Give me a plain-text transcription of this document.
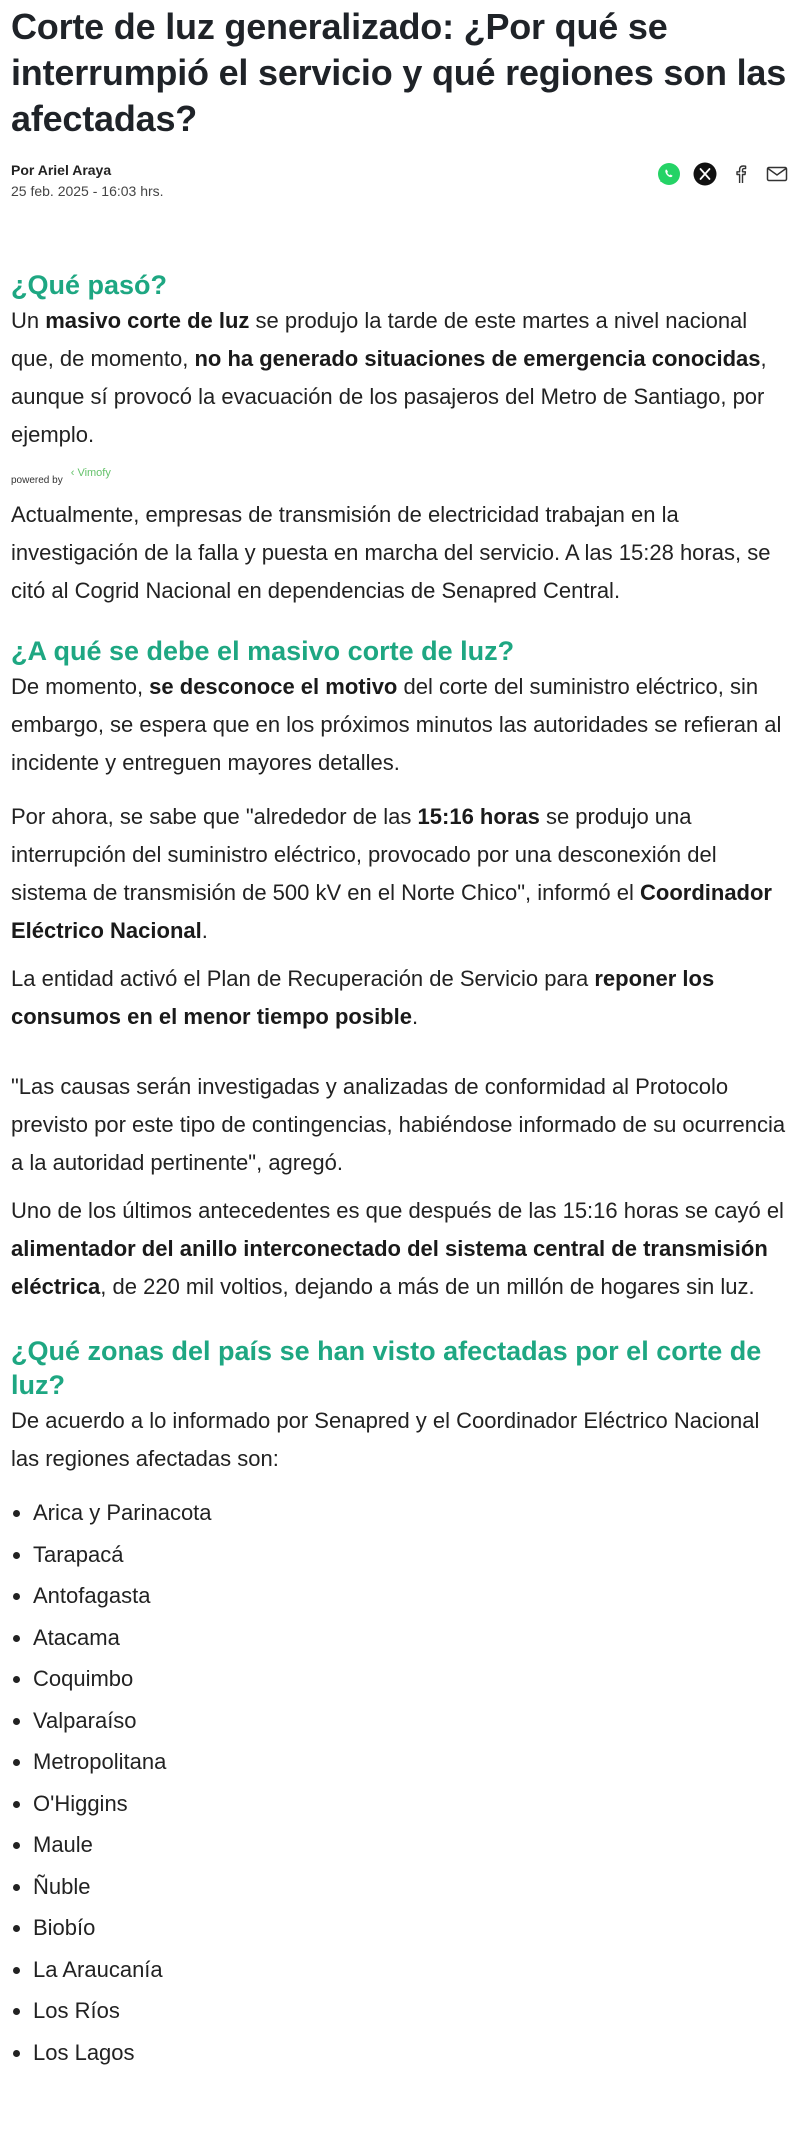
Corte de luz generalizado: ¿Por qué se interrumpió el servicio y qué regiones son las afectadas?
Por Ariel Araya
25 feb. 2025 - 16:03 hrs.
¿Qué pasó?

Un masivo corte de luz se produjo la tarde de este martes a nivel nacional que, de momento, no ha generado situaciones de emergencia conocidas, aunque sí provocó la evacuación de los pasajeros del Metro de Santiago, por ejemplo.

powered by
‹ Vimofy

Actualmente, empresas de transmisión de electricidad trabajan en la investigación de la falla y puesta en marcha del servicio. A las 15:28 horas, se citó al Cogrid Nacional en dependencias de Senapred Central.

¿A qué se debe el masivo corte de luz?

De momento, se desconoce el motivo del corte del suministro eléctrico, sin embargo, se espera que en los próximos minutos las autoridades se refieran al incidente y entreguen mayores detalles.

Por ahora, se sabe que "alrededor de las 15:16 horas se produjo una interrupción del suministro eléctrico, provocado por una desconexión del sistema de transmisión de 500 kV en el Norte Chico", informó el Coordinador Eléctrico Nacional.

La entidad activó el Plan de Recuperación de Servicio para reponer los consumos en el menor tiempo posible.

"Las causas serán investigadas y analizadas de conformidad al Protocolo previsto por este tipo de contingencias, habiéndose informado de su ocurrencia a la autoridad pertinente", agregó.

Uno de los últimos antecedentes es que después de las 15:16 horas se cayó el alimentador del anillo interconectado del sistema central de transmisión eléctrica, de 220 mil voltios, dejando a más de un millón de hogares sin luz.

¿Qué zonas del país se han visto afectadas por el corte de luz?

De acuerdo a lo informado por Senapred y el Coordinador Eléctrico Nacional las regiones afectadas son:

Arica y Parinacota
Tarapacá
Antofagasta
Atacama
Coquimbo
Valparaíso
Metropolitana
O'Higgins
Maule
Ñuble
Biobío
La Araucanía
Los Ríos
Los Lagos
